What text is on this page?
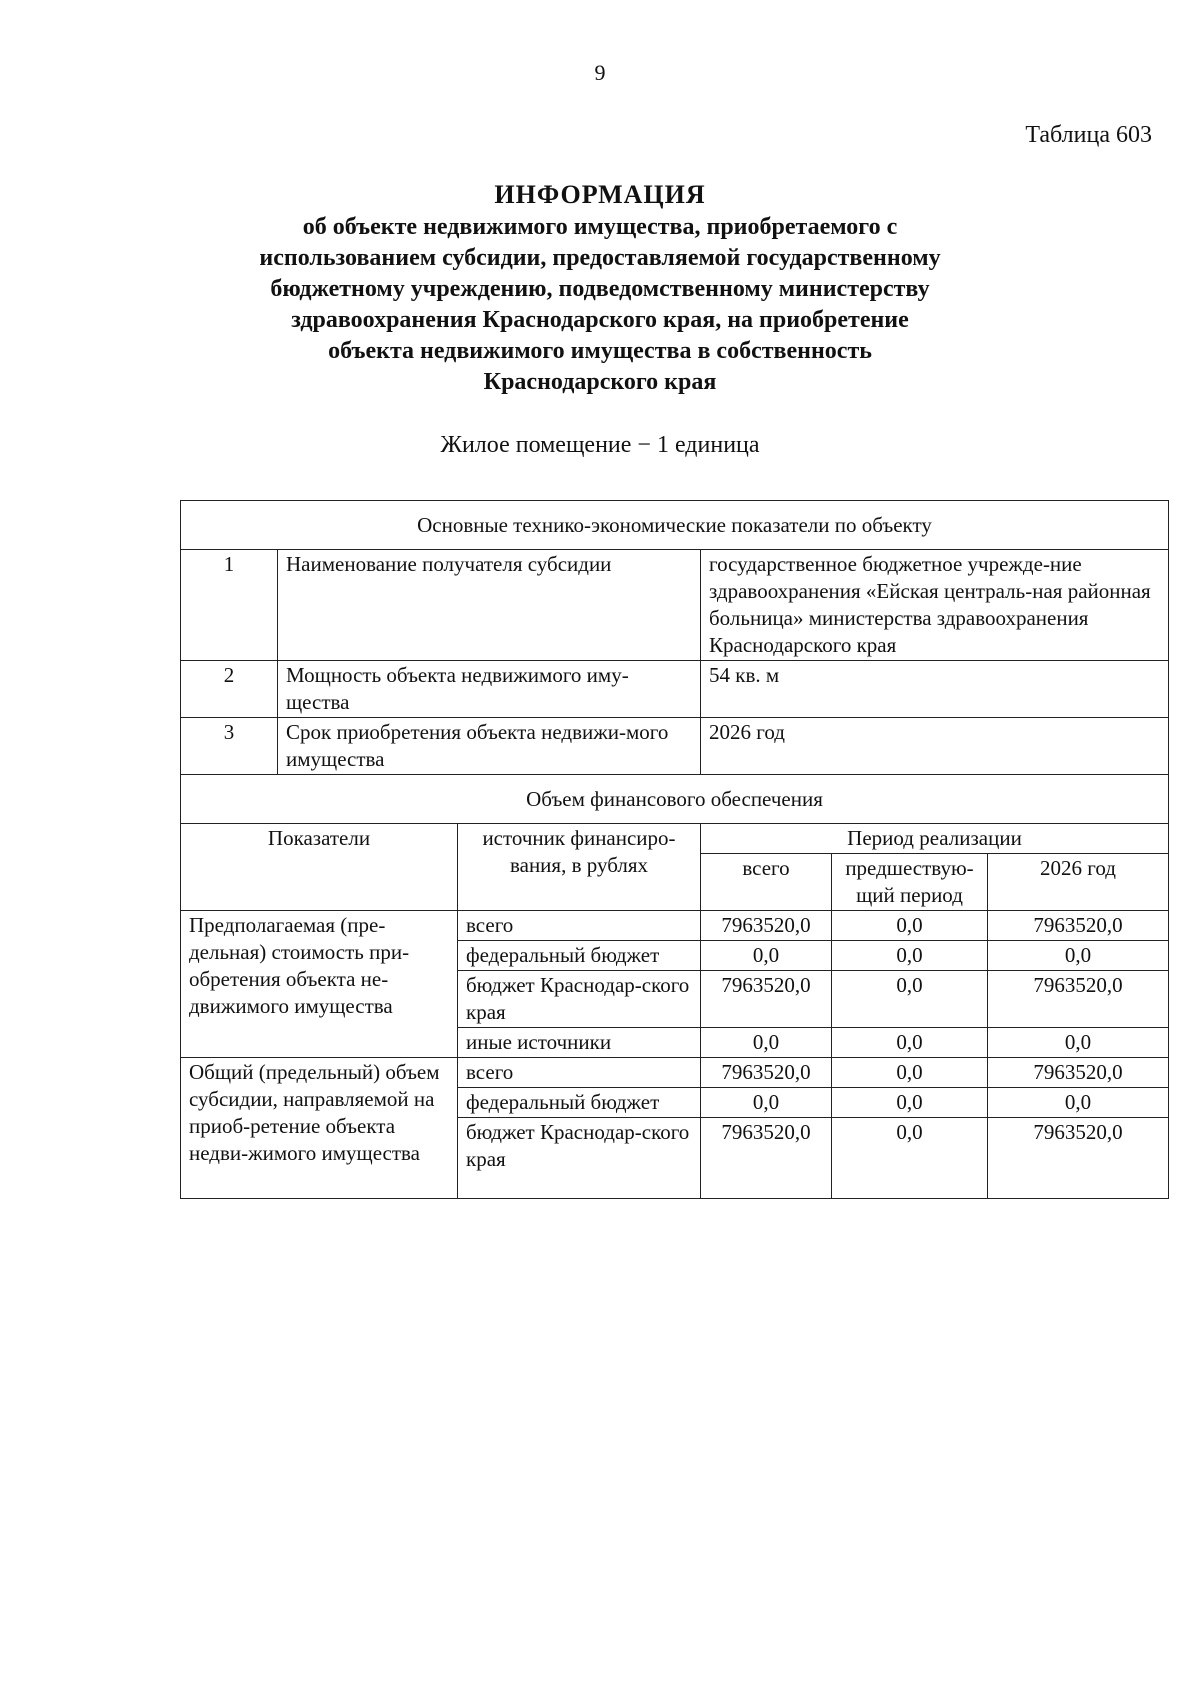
9
Таблица 603
ИНФОРМАЦИЯ
об объекте недвижимого имущества, приобретаемого с
использованием субсидии, предоставляемой государственному
бюджетному учреждению, подведомственному министерству
здравоохранения Краснодарского края, на приобретение
объекта недвижимого имущества в собственность
Краснодарского края
Жилое помещение − 1 единица
Основные технико-экономические показатели по объекту					
1	Наименование получателя субсидии		государственное бюджетное учрежде-ние здравоохранения «Ейская централь-ная районная больница» министерства здравоохранения Краснодарского края		
2	Мощность объекта недвижимого иму-щества		54 кв. м		
3	Срок приобретения объекта недвижи-мого имущества		2026 год		
Объем финансового обеспечения					
Показатели		источник финансиро-вания, в рублях	Период реализации		
			всего	предшествую-щий период	2026 год
Предполагаемая (пре-дельная) стоимость при-обретения объекта не-движимого имущества		всего	7963520,0	0,0	7963520,0
		федеральный бюджет	0,0	0,0	0,0
		бюджет Краснодар-ского края	7963520,0	0,0	7963520,0
		иные источники	0,0	0,0	0,0
Общий (предельный) объем субсидии, направляемой на приоб-ретение объекта недви-жимого имущества		всего	7963520,0	0,0	7963520,0
		федеральный бюджет	0,0	0,0	0,0
		бюджет Краснодар-ского края	7963520,0	0,0	7963520,0
